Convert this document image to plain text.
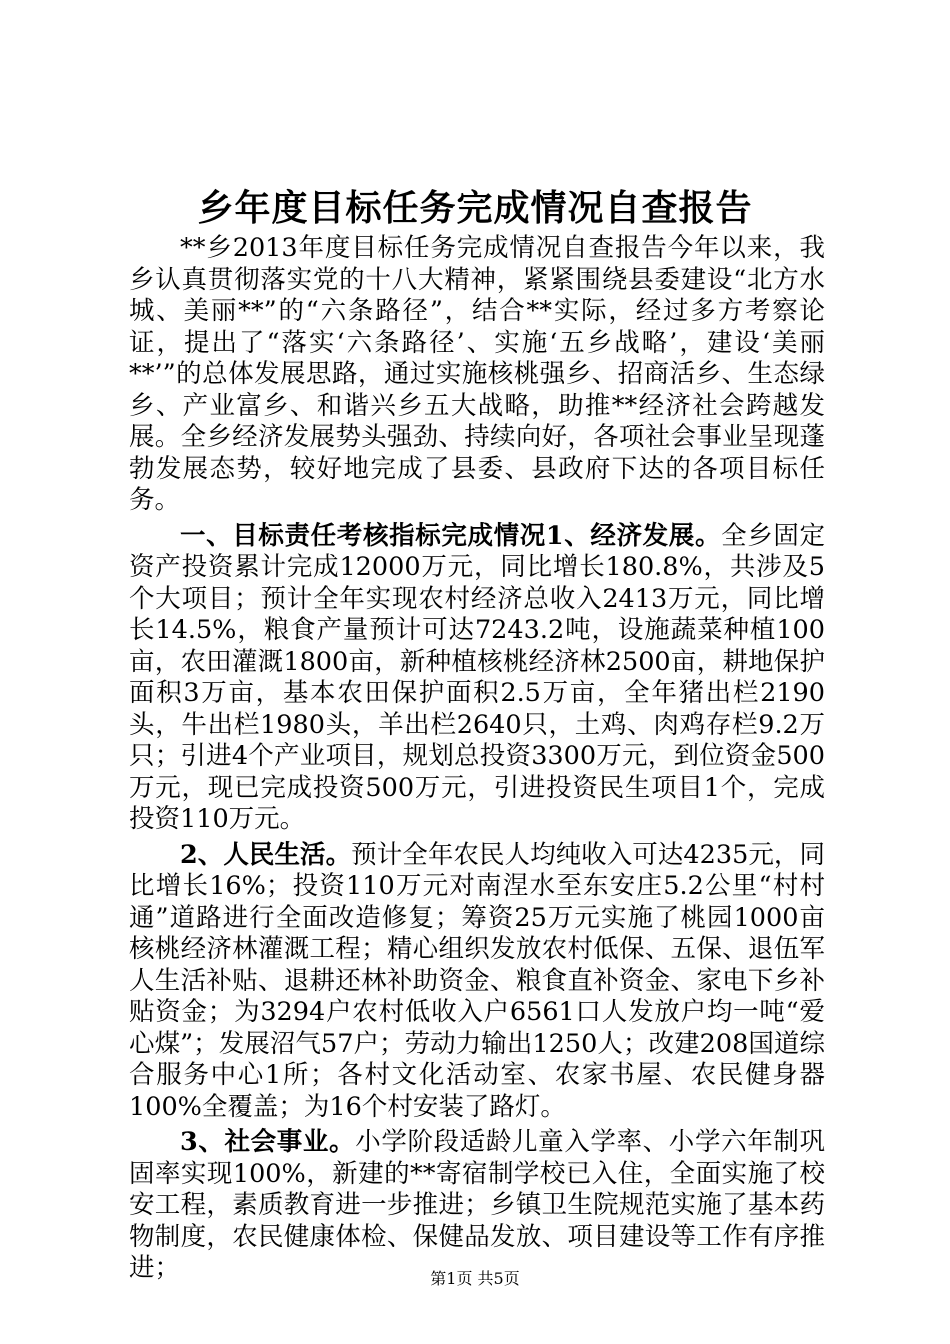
乡年度目标任务完成情况自查报告

**乡2013年度目标任务完成情况自查报告今年以来，我乡认真贯彻落实党的十八大精神，紧紧围绕县委建设“北方水城、美丽**”的“六条路径”，结合**实际，经过多方考察论证，提出了“落实‘六条路径’、实施‘五乡战略’，建设‘美丽**’”的总体发展思路，通过实施核桃强乡、招商活乡、生态绿乡、产业富乡、和谐兴乡五大战略，助推**经济社会跨越发展。全乡经济发展势头强劲、持续向好，各项社会事业呈现蓬勃发展态势，较好地完成了县委、县政府下达的各项目标任务。

一、目标责任考核指标完成情况1、经济发展。全乡固定资产投资累计完成12000万元，同比增长180.8%，共涉及5个大项目；预计全年实现农村经济总收入2413万元，同比增长14.5%，粮食产量预计可达7243.2吨，设施蔬菜种植100亩，农田灌溉1800亩，新种植核桃经济林2500亩，耕地保护面积3万亩，基本农田保护面积2.5万亩，全年猪出栏2190头，牛出栏1980头，羊出栏2640只，土鸡、肉鸡存栏9.2万只；引进4个产业项目，规划总投资3300万元，到位资金500万元，现已完成投资500万元，引进投资民生项目1个，完成投资110万元。

2、人民生活。预计全年农民人均纯收入可达4235元，同比增长16%；投资110万元对南涅水至东安庄5.2公里“村村通”道路进行全面改造修复；筹资25万元实施了桃园1000亩核桃经济林灌溉工程；精心组织发放农村低保、五保、退伍军人生活补贴、退耕还林补助资金、粮食直补资金、家电下乡补贴资金；为3294户农村低收入户6561口人发放户均一吨“爱心煤”；发展沼气57户；劳动力输出1250人；改建208国道综合服务中心1所；各村文化活动室、农家书屋、农民健身器100%全覆盖；为16个村安装了路灯。

3、社会事业。小学阶段适龄儿童入学率、小学六年制巩固率实现100%，新建的**寄宿制学校已入住，全面实施了校安工程，素质教育进一步推进；乡镇卫生院规范实施了基本药物制度，农民健康体检、保健品发放、项目建设等工作有序推进；	第1页 共5页
